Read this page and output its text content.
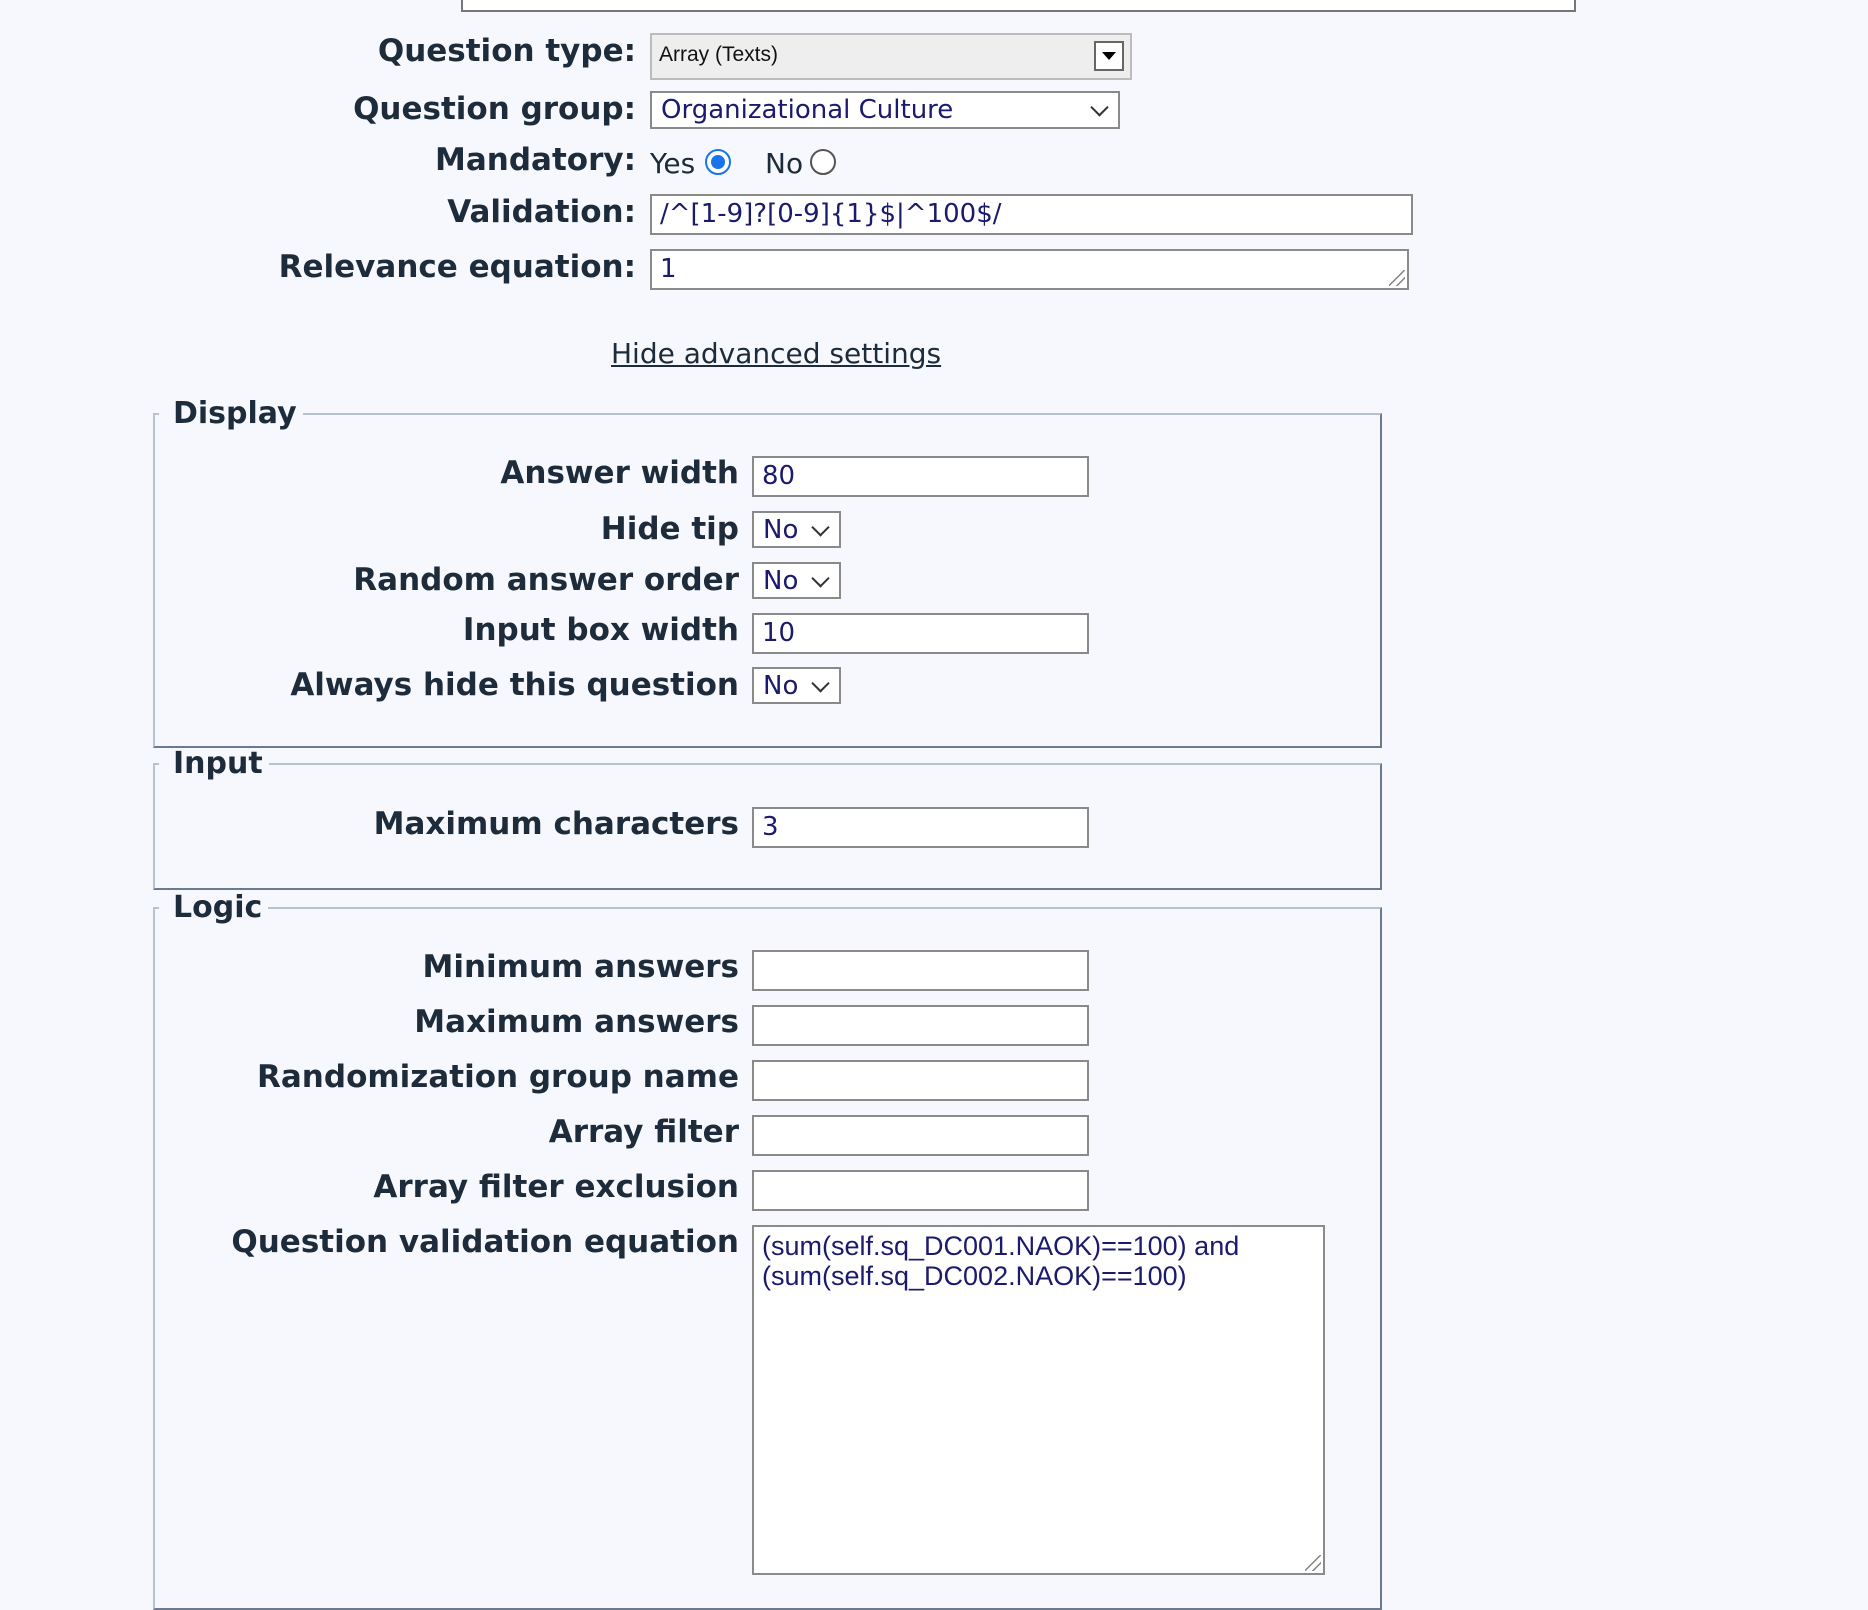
Question type: Array (Texts)
Question group: Organizational Culture
Mandatory: Yes No
Validation: /^[1-9]?[0-9]{1}$|^100$/
Relevance equation: 1
Hide advanced settings
Display
Answer width 80
Hide tip No
Random answer order No
Input box width 10
Always hide this question No
Input
Maximum characters 3
Logic
Minimum answers
Maximum answers
Randomization group name
Array filter
Array filter exclusion
Question validation equation (sum(self.sq_DC001.NAOK)==100) and
(sum(self.sq_DC002.NAOK)==100)
